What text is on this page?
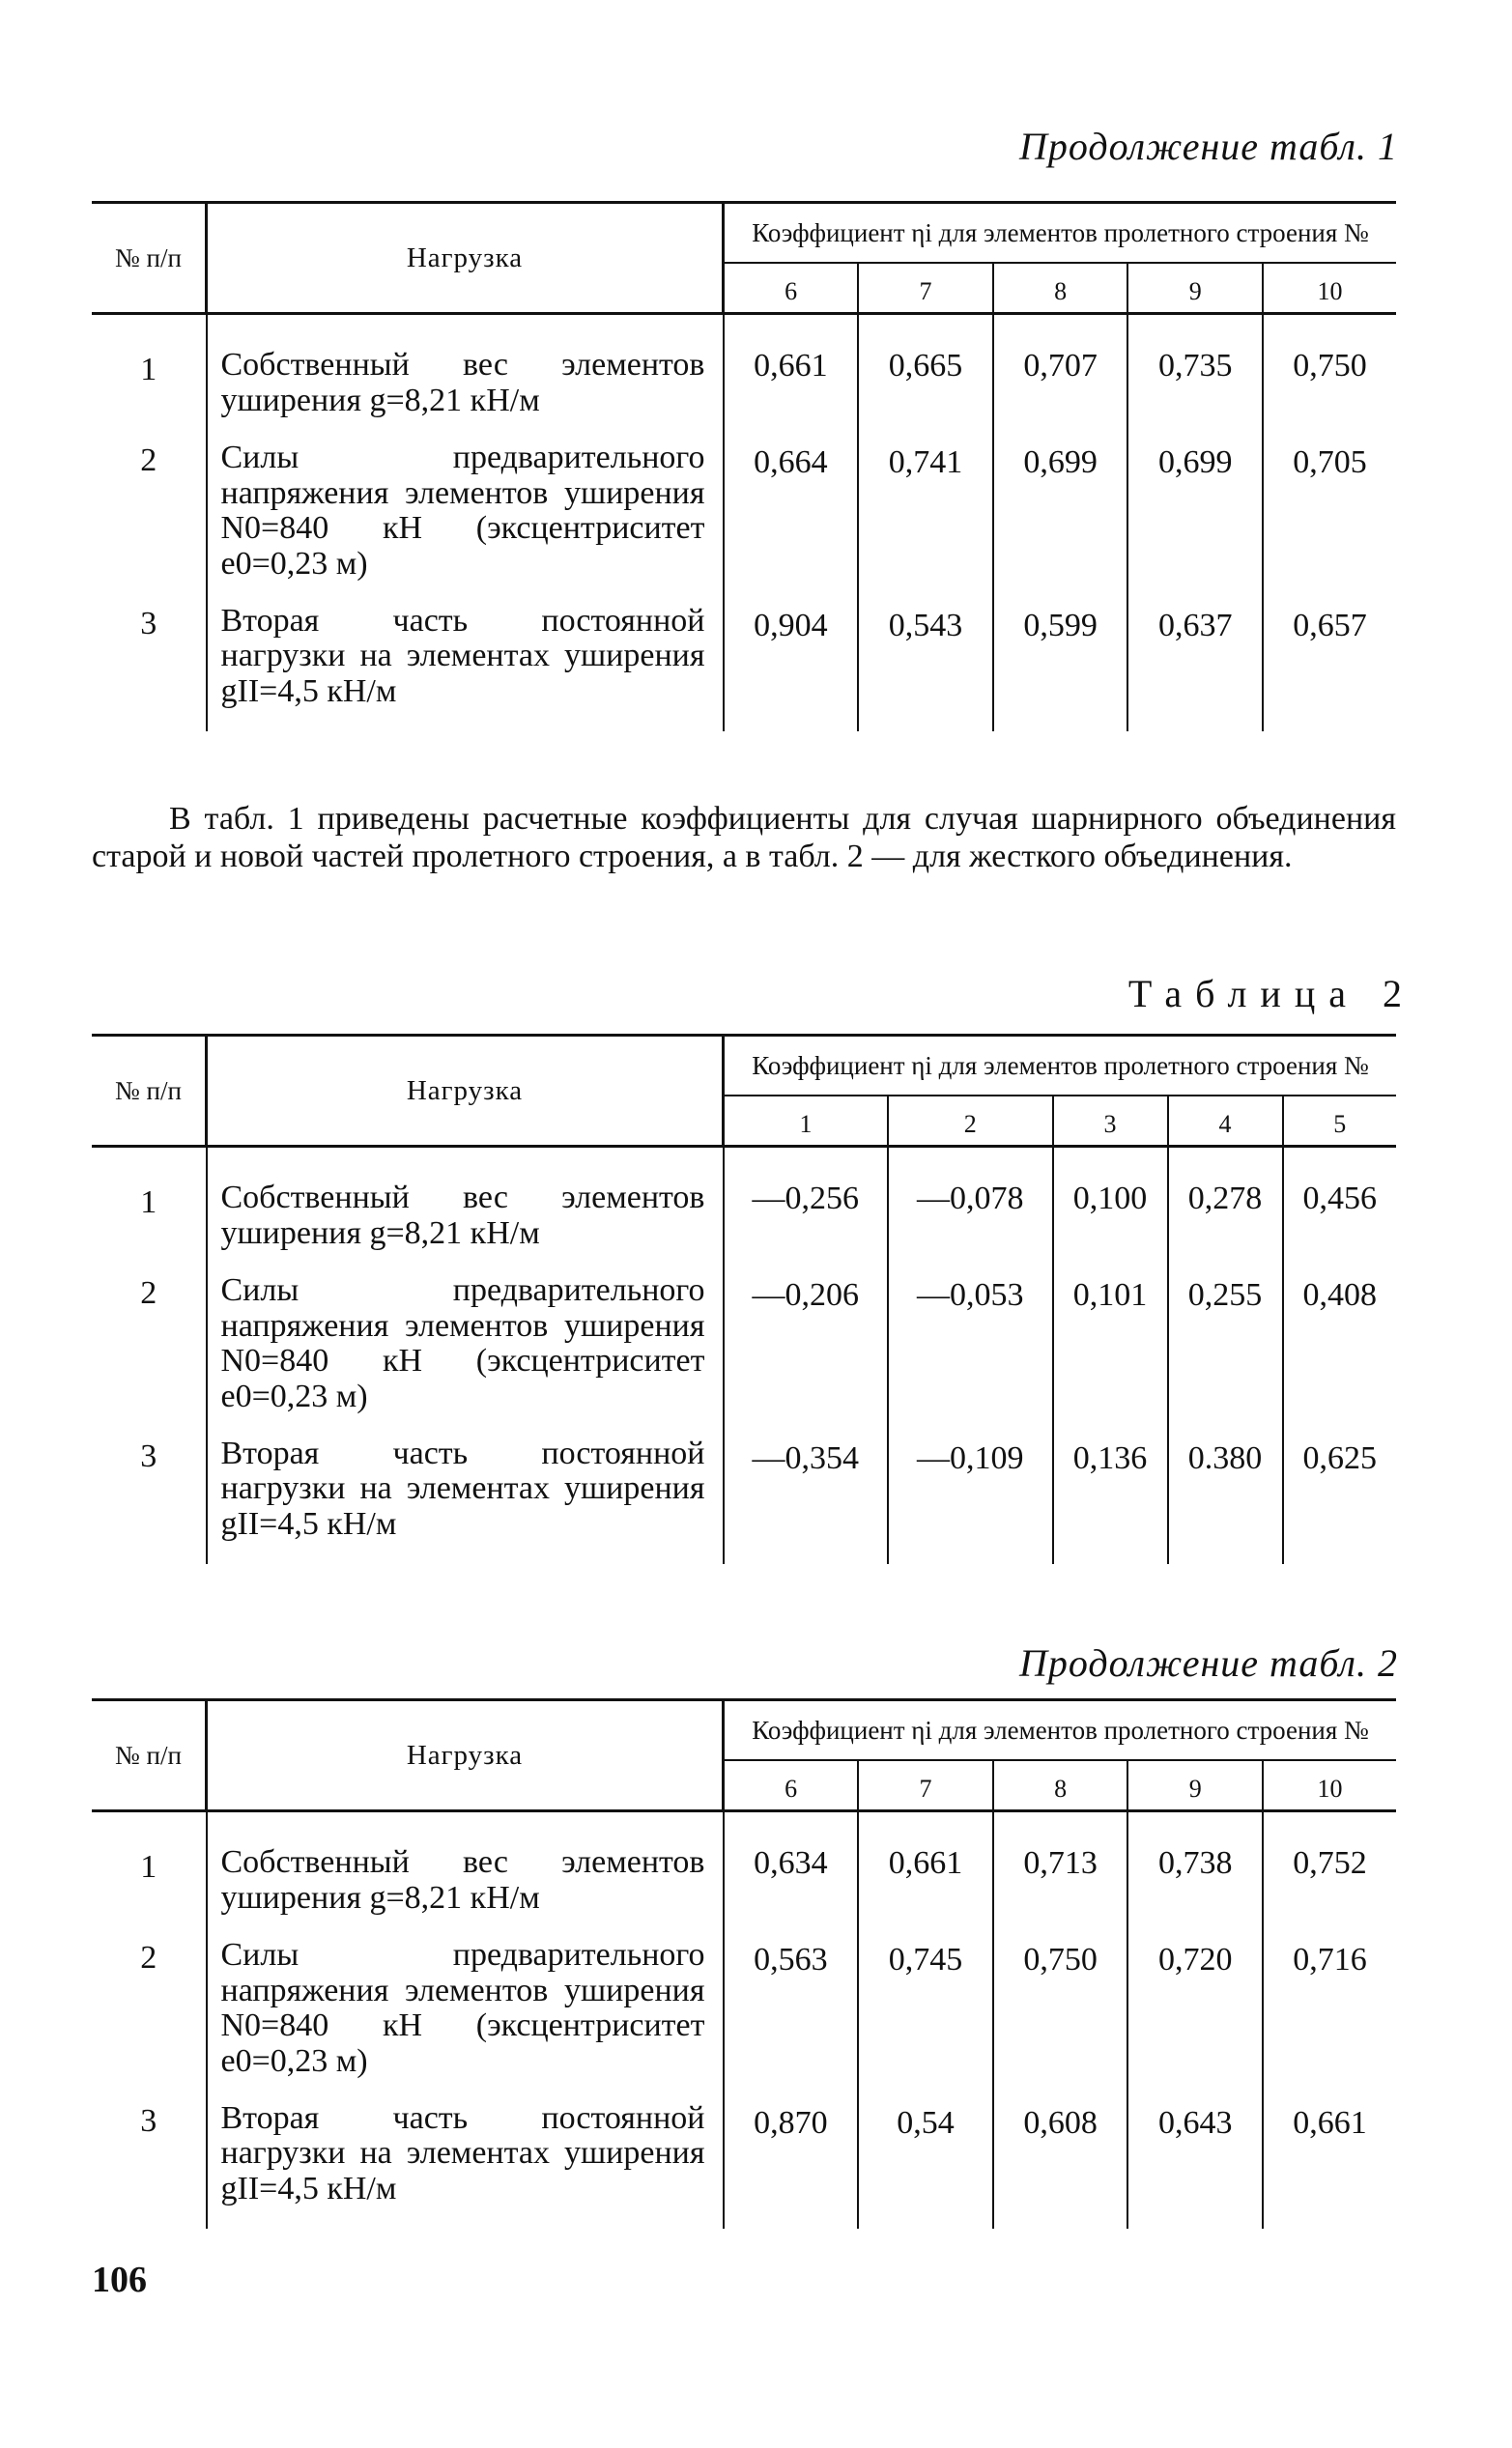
Продолжение табл. 1
№ п/п	Нагрузка	Коэффициент ηi для элементов пролетного строения №				
		6	7	8	9	10
1	Собственный вес элементов уширения g=8,21 кН/м	0,661	0,665	0,707	0,735	0,750
2	Силы предварительного напряжения элементов уширения N0=840 кН (эксцентриситет e0=0,23 м)	0,664	0,741	0,699	0,699	0,705
3	Вторая часть постоянной нагрузки на элементах уширения gII=4,5 кН/м	0,904	0,543	0,599	0,637	0,657
В табл. 1 приведены расчетные коэффициенты для случая шарнирного объединения старой и новой частей пролетного строения, а в табл. 2 — для жесткого объединения.
Таблица 2
№ п/п	Нагрузка	Коэффициент ηi для элементов пролетного строения №				
		1	2	3	4	5
1	Собственный вес элементов уширения g=8,21 кН/м	—0,256	—0,078	0,100	0,278	0,456
2	Силы предварительного напряжения элементов уширения N0=840 кН (эксцентриситет e0=0,23 м)	—0,206	—0,053	0,101	0,255	0,408
3	Вторая часть постоянной нагрузки на элементах уширения gII=4,5 кН/м	—0,354	—0,109	0,136	0.380	0,625
Продолжение табл. 2
№ п/п	Нагрузка	Коэффициент ηi для элементов пролетного строения №				
		6	7	8	9	10
1	Собственный вес элементов уширения g=8,21 кН/м	0,634	0,661	0,713	0,738	0,752
2	Силы предварительного напряжения элементов уширения N0=840 кН (эксцентриситет e0=0,23 м)	0,563	0,745	0,750	0,720	0,716
3	Вторая часть постоянной нагрузки на элементах уширения gII=4,5 кН/м	0,870	0,54	0,608	0,643	0,661
106
